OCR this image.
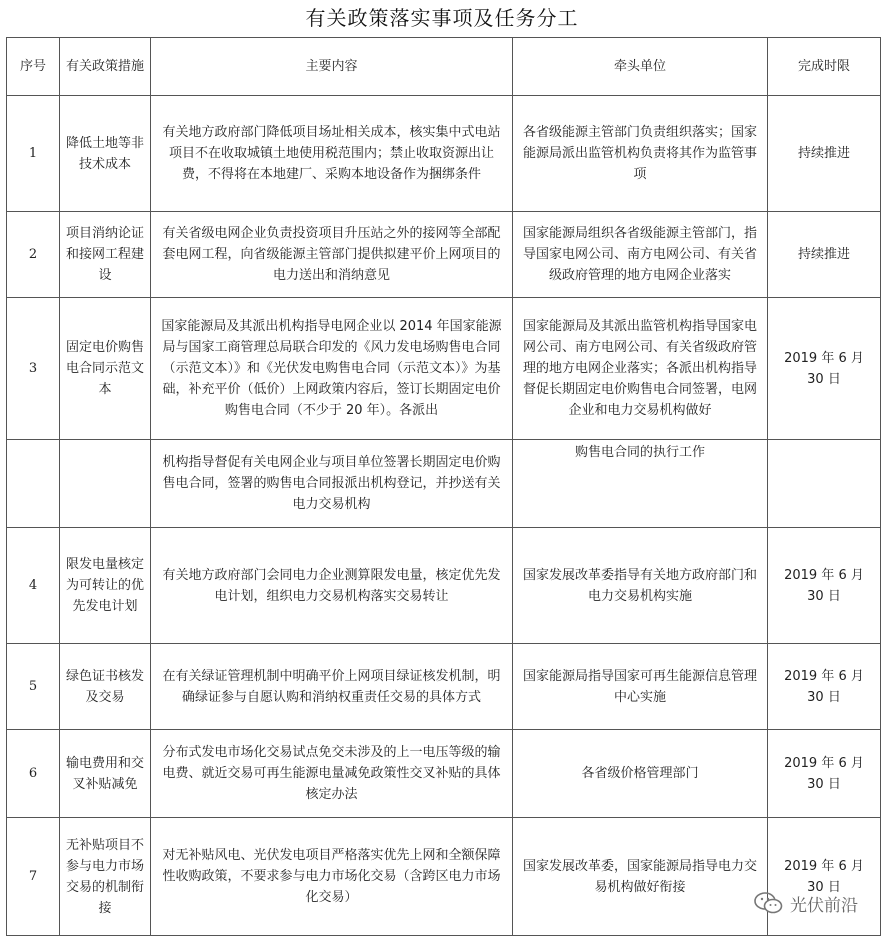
有关政策落实事项及任务分工
序号	有关政策措施	主要内容	牵头单位	完成时限
1	降低土地等非技术成本	有关地方政府部门降低项目场址相关成本，核实集中式电站项目不在收取城镇土地使用税范围内；禁止收取资源出让费，不得将在本地建厂、采购本地设备作为捆绑条件	各省级能源主管部门负责组织落实；国家能源局派出监管机构负责将其作为监管事项	持续推进
2	项目消纳论证和接网工程建设	有关省级电网企业负责投资项目升压站之外的接网等全部配套电网工程，向省级能源主管部门提供拟建平价上网项目的电力送出和消纳意见	国家能源局组织各省级能源主管部门，指导国家电网公司、南方电网公司、有关省级政府管理的地方电网企业落实	持续推进
3	固定电价购售电合同示范文本	国家能源局及其派出机构指导电网企业以 2014 年国家能源局与国家工商管理总局联合印发的《风力发电场购售电合同（示范文本）》和《光伏发电购售电合同（示范文本）》为基础，补充平价（低价）上网政策内容后，签订长期固定电价购售电合同（不少于 20 年）。各派出	国家能源局及其派出监管机构指导国家电网公司、南方电网公司、有关省级政府管理的地方电网企业落实；各派出机构指导督促长期固定电价购售电合同签署，电网企业和电力交易机构做好	2019 年 6 月 30 日
		机构指导督促有关电网企业与项目单位签署长期固定电价购售电合同，签署的购售电合同报派出机构登记，并抄送有关电力交易机构	购售电合同的执行工作	
4	限发电量核定为可转让的优先发电计划	有关地方政府部门会同电力企业测算限发电量，核定优先发电计划，组织电力交易机构落实交易转让	国家发展改革委指导有关地方政府部门和电力交易机构实施	2019 年 6 月 30 日
5	绿色证书核发及交易	在有关绿证管理机制中明确平价上网项目绿证核发机制，明确绿证参与自愿认购和消纳权重责任交易的具体方式	国家能源局指导国家可再生能源信息管理中心实施	2019 年 6 月 30 日
6	输电费用和交叉补贴减免	分布式发电市场化交易试点免交未涉及的上一电压等级的输电费、就近交易可再生能源电量减免政策性交叉补贴的具体核定办法	各省级价格管理部门	2019 年 6 月 30 日
7	无补贴项目不参与电力市场交易的机制衔接	对无补贴风电、光伏发电项目严格落实优先上网和全额保障性收购政策，不要求参与电力市场化交易（含跨区电力市场化交易）	国家发展改革委，国家能源局指导电力交易机构做好衔接	2019 年 6 月 30 日
光伏前沿
